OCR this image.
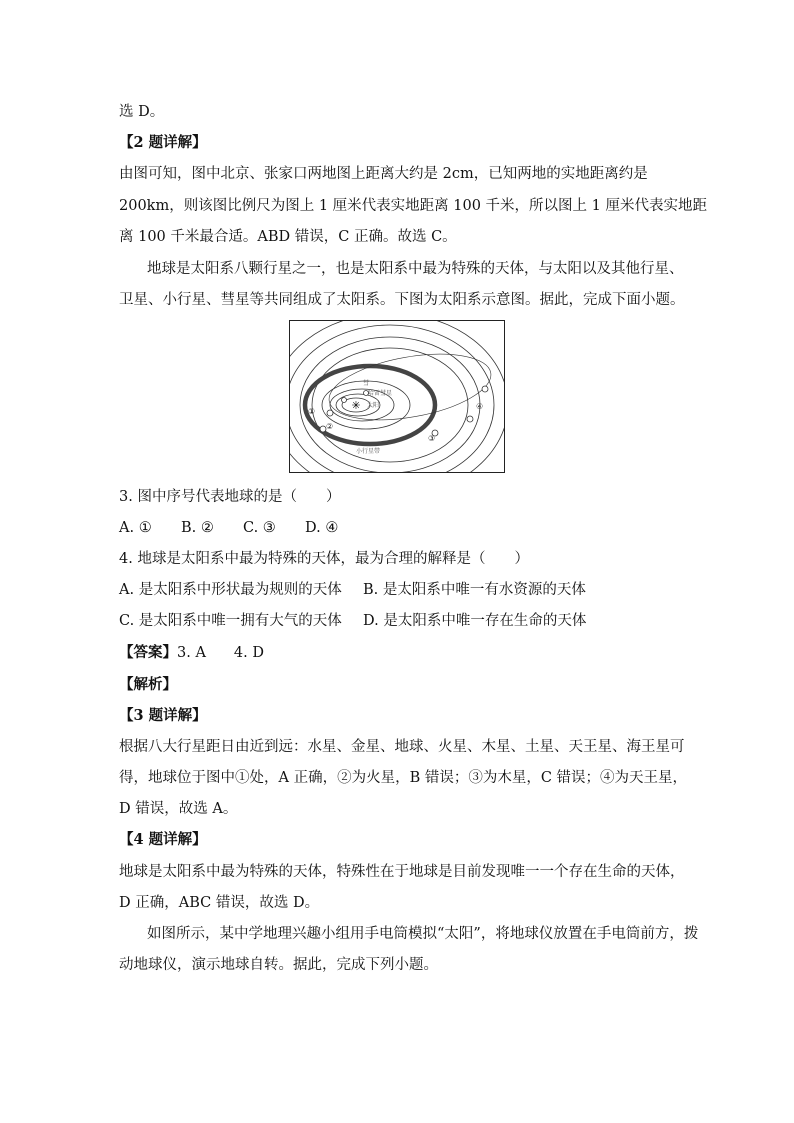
选 D。
【2 题详解】
由图可知，图中北京、张家口两地图上距离大约是 2cm，已知两地的实地距离约是
200km，则该图比例尺为图上 1 厘米代表实地距离 100 千米，所以图上 1 厘米代表实地距
离 100 千米最合适。ABD 错误，C 正确。故选 C。
地球是太阳系八颗行星之一，也是太阳系中最为特殊的天体，与太阳以及其他行星、
卫星、小行星、彗星等共同组成了太阳系。下图为太阳系示意图。据此，完成下面小题。
彗
哈雷彗星
✳ 太阳
小行星带
①
②
③
④
3. 图中序号代表地球的是（　　）
A. ① B. ② C. ③ D. ④
4. 地球是太阳系中最为特殊的天体，最为合理的解释是（　　）
A. 是太阳系中形状最为规则的天体 B. 是太阳系中唯一有水资源的天体
C. 是太阳系中唯一拥有大气的天体 D. 是太阳系中唯一存在生命的天体
【答案】3. A 4. D
【解析】
【3 题详解】
根据八大行星距日由近到远：水星、金星、地球、火星、木星、土星、天王星、海王星可
得，地球位于图中①处，A 正确，②为火星，B 错误；③为木星，C 错误；④为天王星，
D 错误，故选 A。
【4 题详解】
地球是太阳系中最为特殊的天体，特殊性在于地球是目前发现唯一一个存在生命的天体，
D 正确，ABC 错误，故选 D。
如图所示，某中学地理兴趣小组用手电筒模拟“太阳”，将地球仪放置在手电筒前方，拨
动地球仪，演示地球自转。据此，完成下列小题。
